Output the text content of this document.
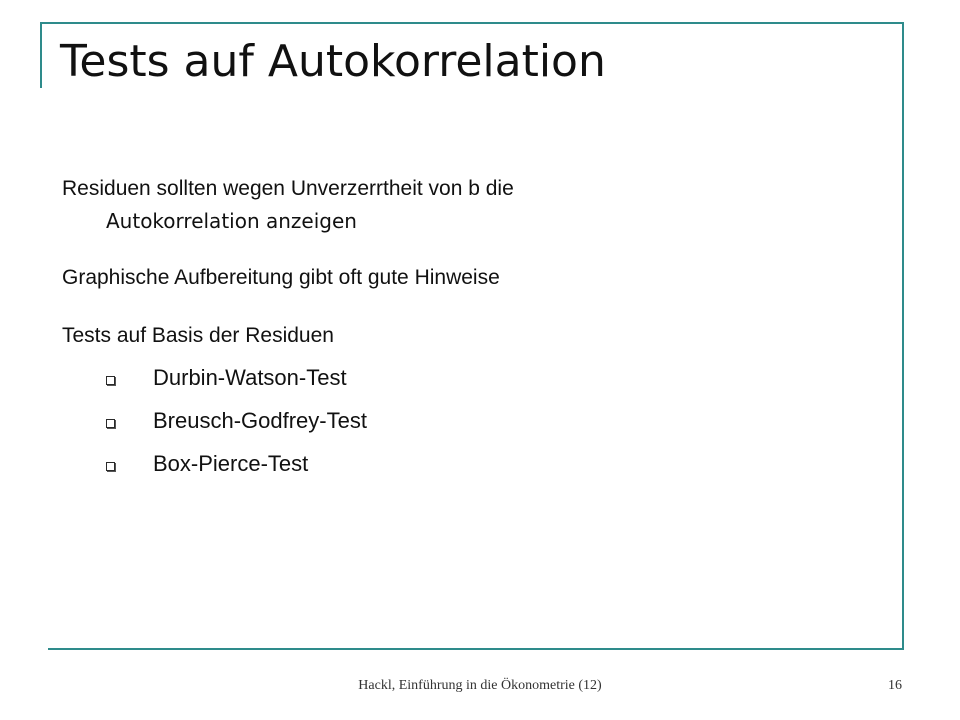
Tests auf Autokorrelation

Residuen sollten wegen Unverzerrtheit von b die
Autokorrelation anzeigen

Graphische Aufbereitung gibt oft gute Hinweise

Tests auf Basis der Residuen

Durbin-Watson-Test
Breusch-Godfrey-Test
Box-Pierce-Test
Hackl, Einführung in die Ökonometrie (12)	16
